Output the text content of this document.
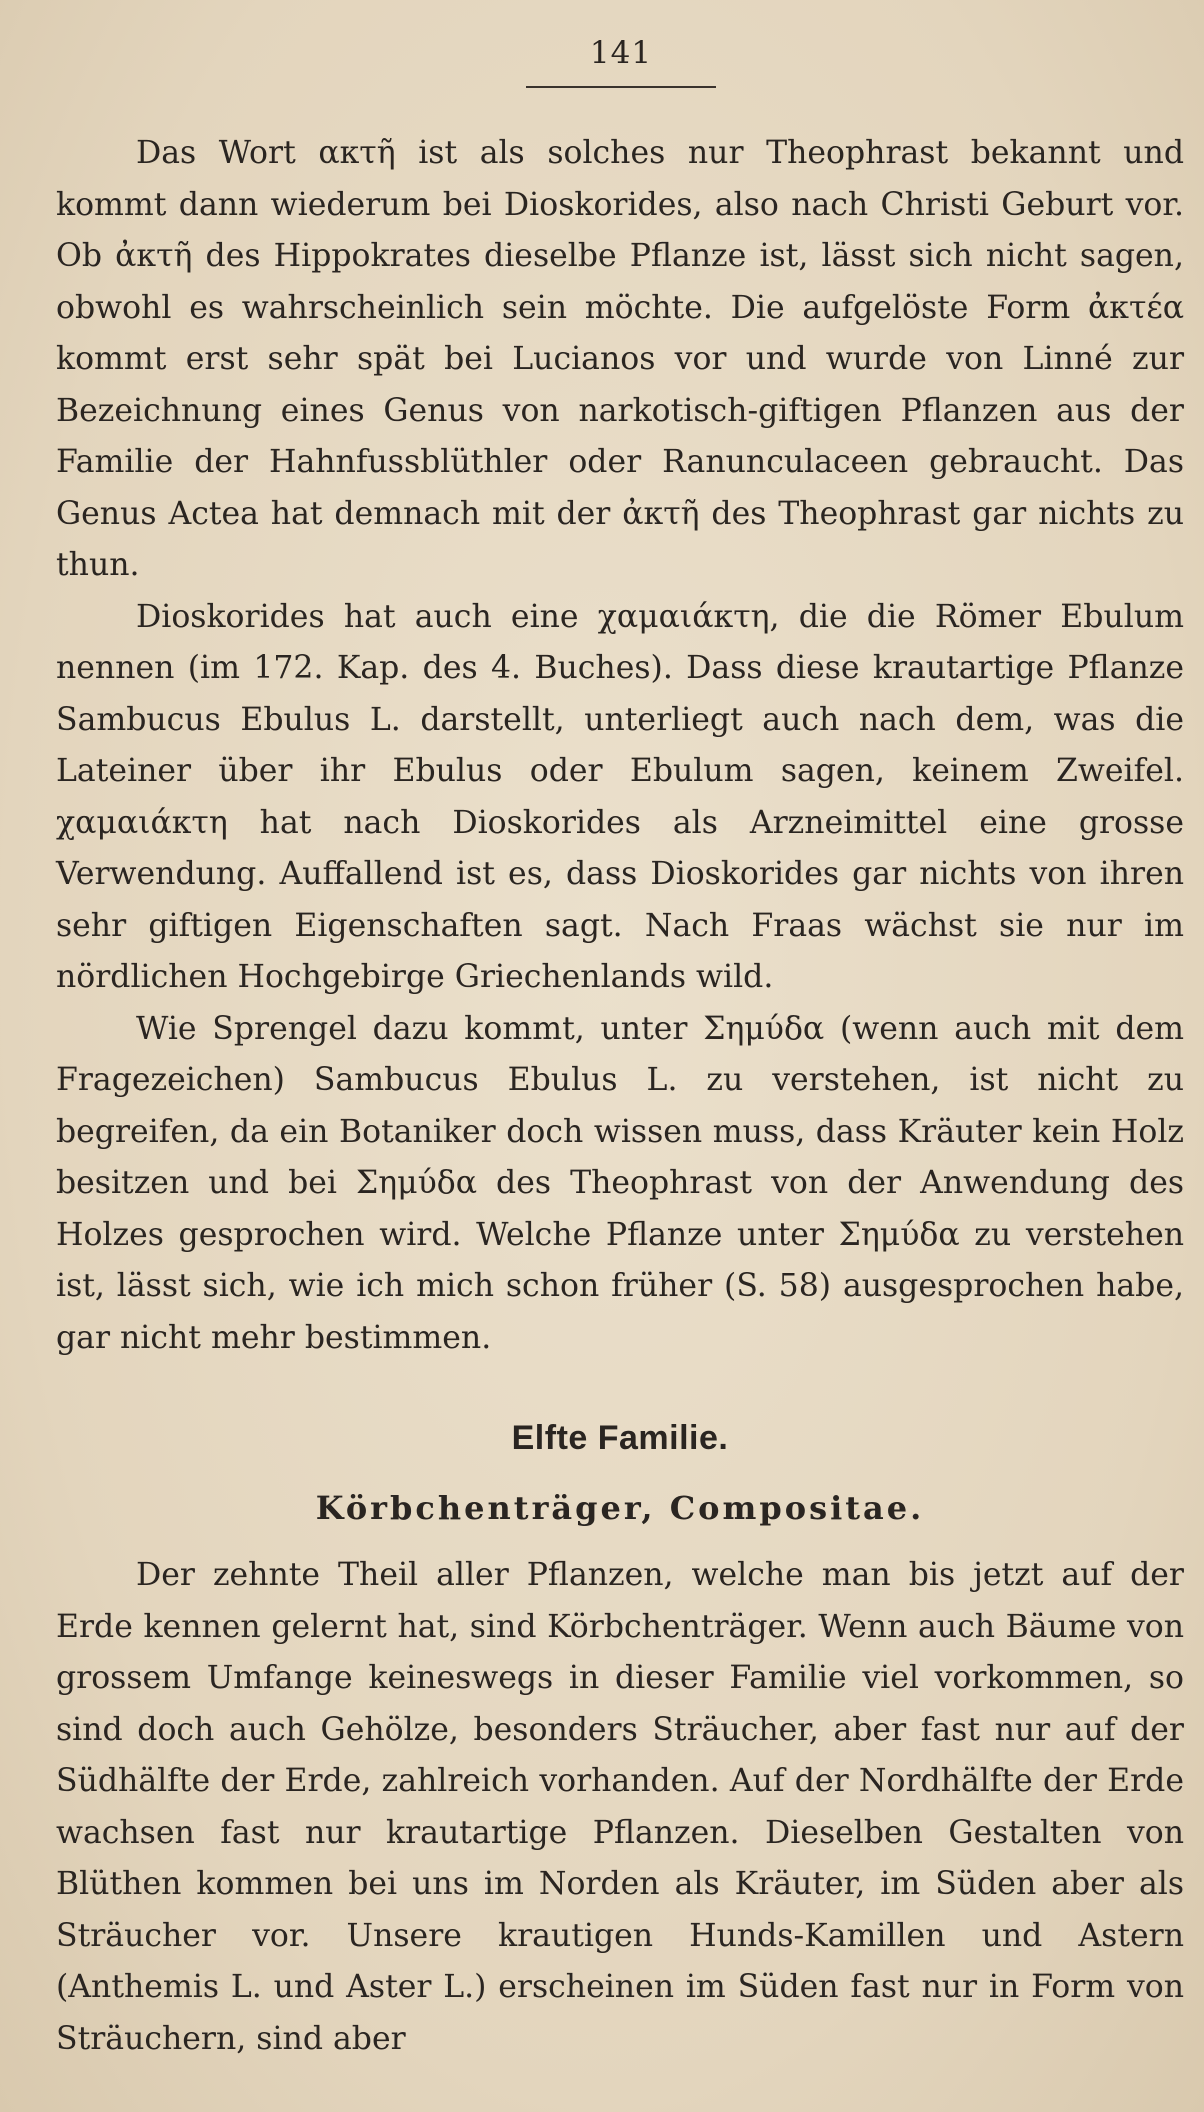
141

Das Wort ακτῆ ist als solches nur Theophrast bekannt und kommt dann wiederum bei Dioskorides, also nach Christi Geburt vor. Ob ἀκτῆ des Hippokrates dieselbe Pflanze ist, lässt sich nicht sagen, obwohl es wahrscheinlich sein möchte. Die aufgelöste Form ἀκτέα kommt erst sehr spät bei Lucianos vor und wurde von Linné zur Bezeichnung eines Genus von narkotisch-giftigen Pflanzen aus der Familie der Hahnfussblüthler oder Ranunculaceen gebraucht. Das Genus Actea hat demnach mit der ἀκτῆ des Theophrast gar nichts zu thun.

Dioskorides hat auch eine χαμαιάκτη, die die Römer Ebulum nennen (im 172. Kap. des 4. Buches). Dass diese krautartige Pflanze Sambucus Ebulus L. darstellt, unterliegt auch nach dem, was die Lateiner über ihr Ebulus oder Ebulum sagen, keinem Zweifel. χαμαιάκτη hat nach Dioskorides als Arzneimittel eine grosse Verwendung. Auffallend ist es, dass Dioskorides gar nichts von ihren sehr giftigen Eigenschaften sagt. Nach Fraas wächst sie nur im nördlichen Hochgebirge Griechenlands wild.

Wie Sprengel dazu kommt, unter Σημύδα (wenn auch mit dem Fragezeichen) Sambucus Ebulus L. zu verstehen, ist nicht zu begreifen, da ein Botaniker doch wissen muss, dass Kräuter kein Holz besitzen und bei Σημύδα des Theophrast von der Anwendung des Holzes gesprochen wird. Welche Pflanze unter Σημύδα zu verstehen ist, lässt sich, wie ich mich schon früher (S. 58) ausgesprochen habe, gar nicht mehr bestimmen.

Elfte Familie.
Körbchenträger, Compositae.

Der zehnte Theil aller Pflanzen, welche man bis jetzt auf der Erde kennen gelernt hat, sind Körbchenträger. Wenn auch Bäume von grossem Umfange keineswegs in dieser Familie viel vorkommen, so sind doch auch Gehölze, besonders Sträucher, aber fast nur auf der Südhälfte der Erde, zahlreich vorhanden. Auf der Nordhälfte der Erde wachsen fast nur krautartige Pflanzen. Dieselben Gestalten von Blüthen kommen bei uns im Norden als Kräuter, im Süden aber als Sträucher vor. Unsere krautigen Hunds-Kamillen und Astern (Anthemis L. und Aster L.) erscheinen im Süden fast nur in Form von Sträuchern, sind aber
